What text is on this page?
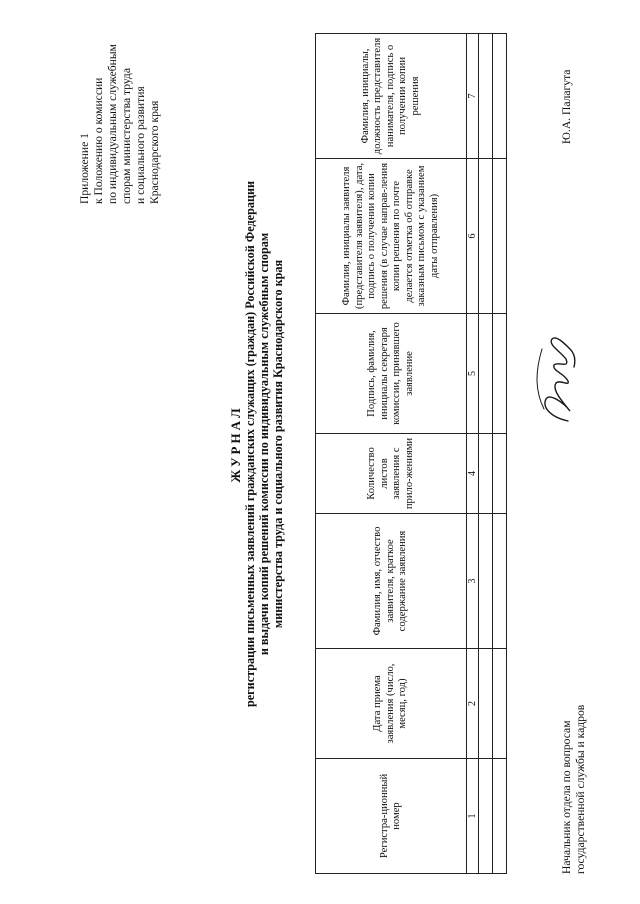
Приложение 1 к Положению о комиссии по индивидуальным служебным спорам министерства труда и социального развития Краснодарского края
ЖУРНАЛ регистрации письменных заявлений гражданских служащих (граждан) Российской Федерации и выдачи копий решений комиссии по индивидуальным служебным спорам министерства труда и социального развития Краснодарского края
Регистра-ционный номер	Дата приема заявления (число, месяц, год)	Фамилия, имя, отчество заявителя, краткое содержание заявления	Количество листов заявления с прило-жениями	Подпись, фамилия, инициалы секретаря комиссии, принявшего заявление	Фамилия, инициалы заявителя (представителя заявителя), дата, подпись о получении копии решения (в случае направ-ления копии решения по почте делается отметка об отправке заказным письмом с указанием даты отправления)	Фамилия, инициалы, должность представителя нанимателя, подпись о получении копии решения
1	2	3	4	5	6	7

Начальник отдела по вопросам государственной службы и кадров
Ю.А. Палагута
